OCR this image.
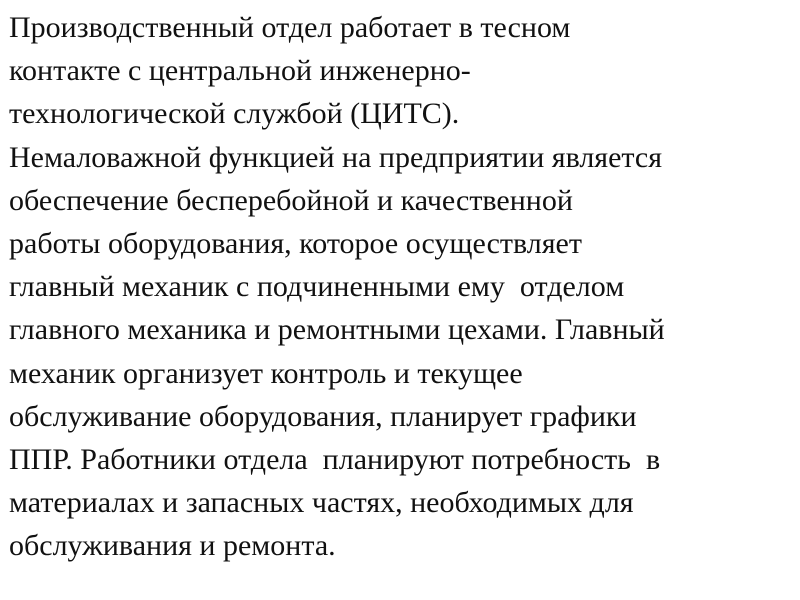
Производственный отдел работает в тесном
контакте с центральной инженерно-
технологической службой (ЦИТС).
Немаловажной функцией на предприятии является
обеспечение бесперебойной и качественной
работы оборудования, которое осуществляет
главный механик с подчиненными ему  отделом
главного механика и ремонтными цехами. Главный
механик организует контроль и текущее
обслуживание оборудования, планирует графики
ППР. Работники отдела  планируют потребность  в
материалах и запасных частях, необходимых для
обслуживания и ремонта.
